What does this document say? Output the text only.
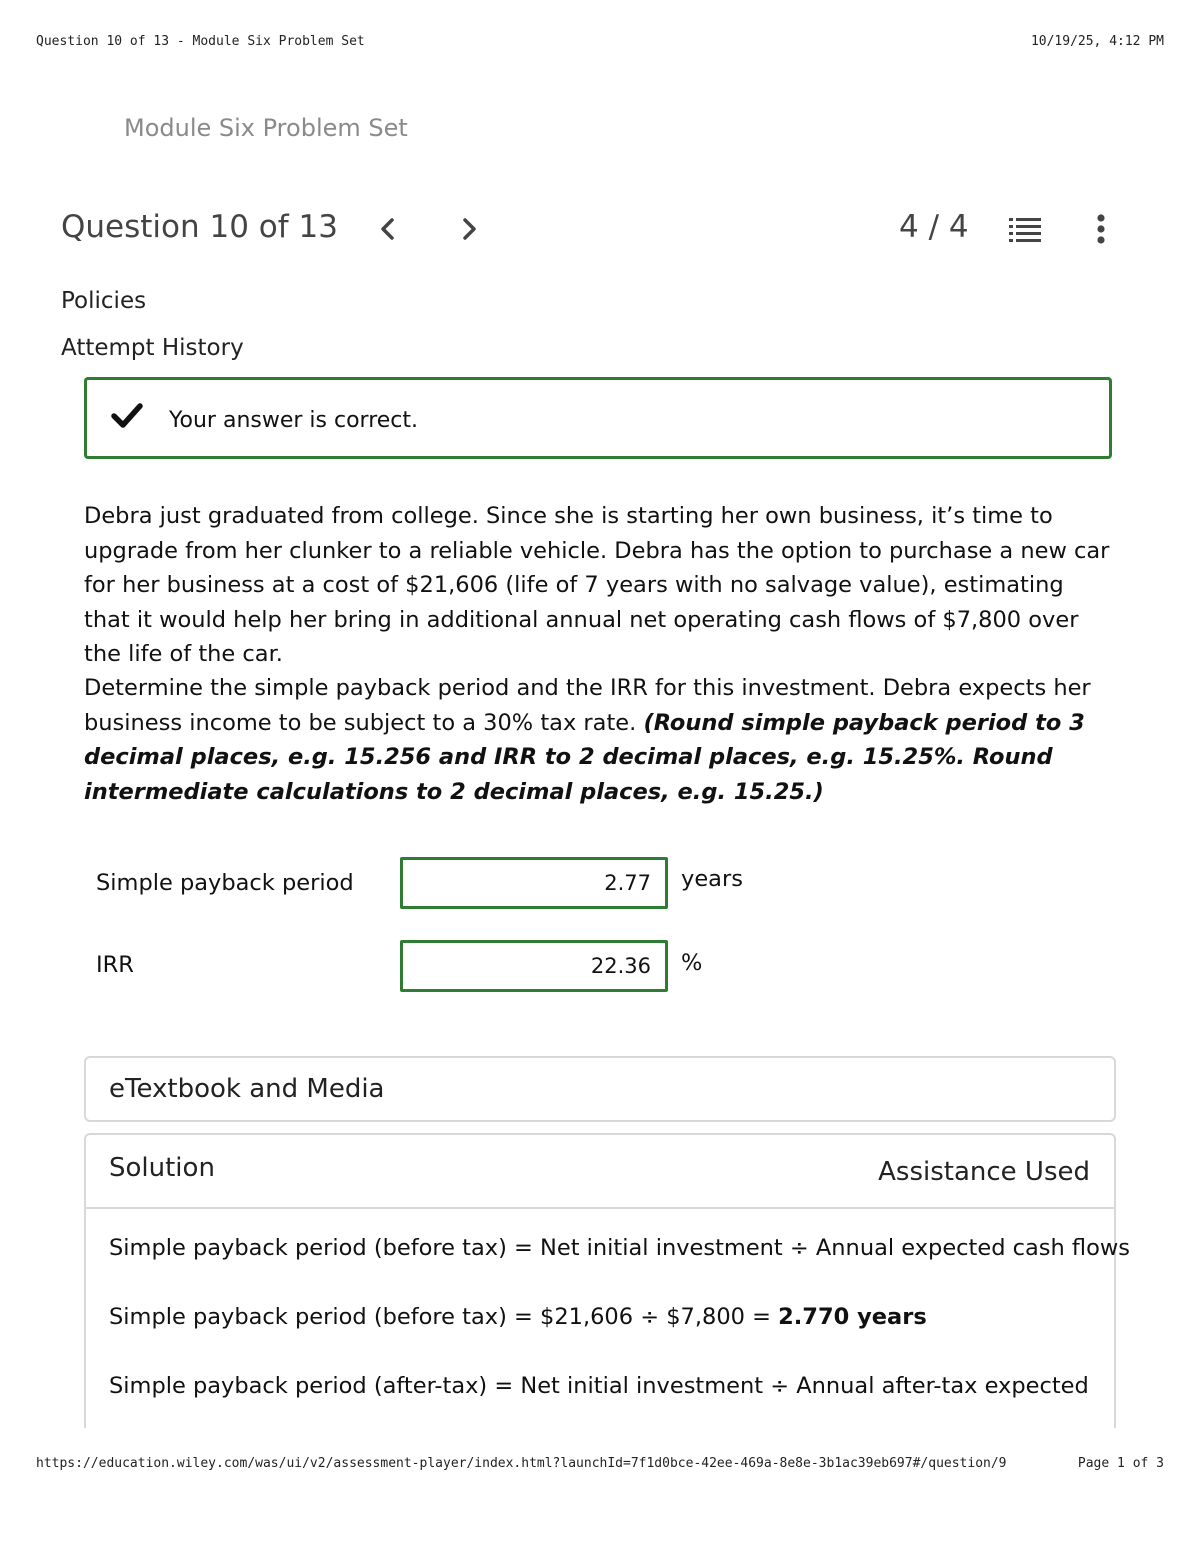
Question 10 of 13 - Module Six Problem Set	10/19/25, 4:12 PM
Module Six Problem Set
Question 10 of 13	4 / 4
Policies
Attempt History
Your answer is correct.

Debra just graduated from college. Since she is starting her own business, it’s time to upgrade from her clunker to a reliable vehicle. Debra has the option to purchase a new car for her business at a cost of $21,606 (life of 7 years with no salvage value), estimating that it would help her bring in additional annual net operating cash flows of $7,800 over the life of the car.

Determine the simple payback period and the IRR for this investment. Debra expects her business income to be subject to a 30% tax rate. (Round simple payback period to 3 decimal places, e.g. 15.256 and IRR to 2 decimal places, e.g. 15.25%. Round intermediate calculations to 2 decimal places, e.g. 15.25.)

Simple payback period
2.77	years
IRR
22.36	%
eTextbook and Media
Solution	Assistance Used
Simple payback period (before tax) = Net initial investment ÷ Annual expected cash flows
Simple payback period (before tax) = $21,606 ÷ $7,800 = 2.770 years
Simple payback period (after-tax) = Net initial investment ÷ Annual after-tax expected
https://education.wiley.com/was/ui/v2/assessment-player/index.html?launchId=7f1d0bce-42ee-469a-8e8e-3b1ac39eb697#/question/9	Page 1 of 3
